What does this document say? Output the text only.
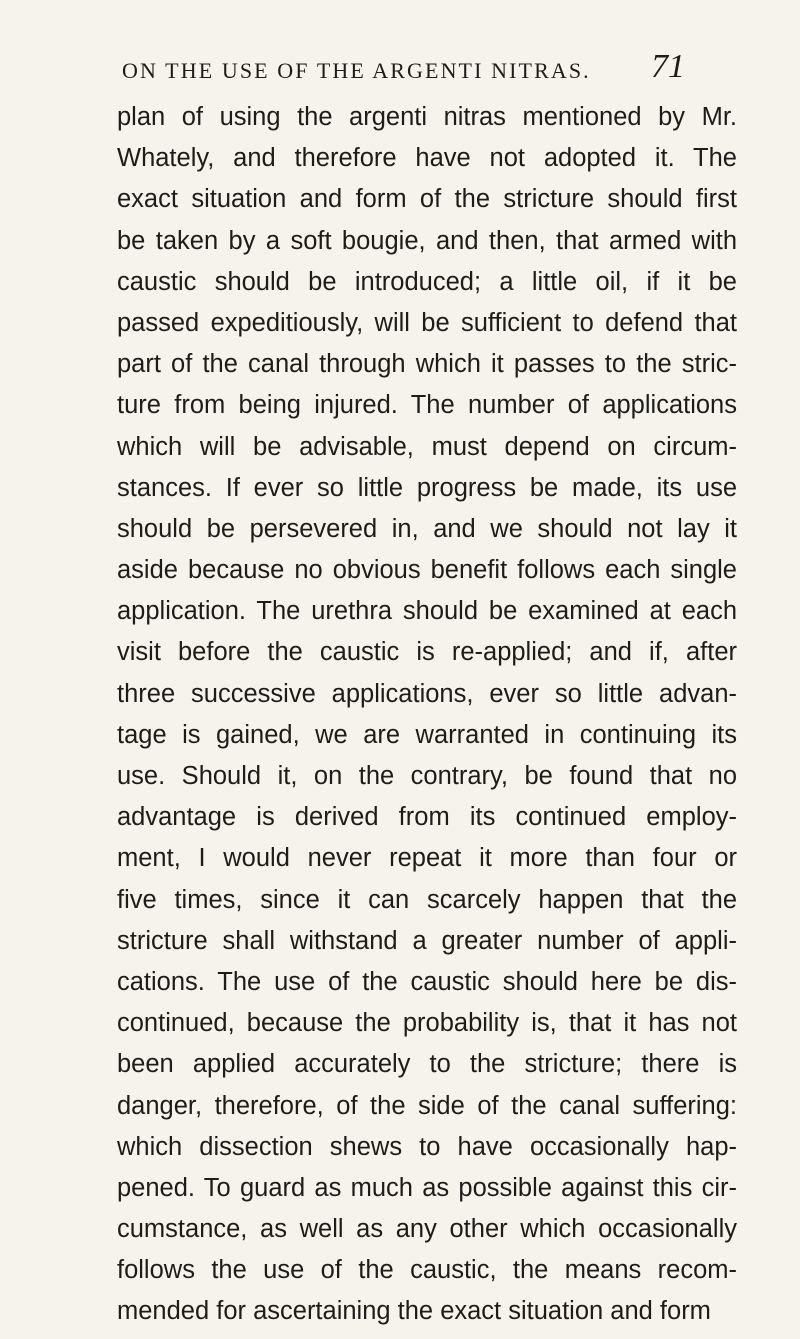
ON THE USE OF THE ARGENTI NITRAS. 71
plan of using the argenti nitras mentioned by Mr.
Whately, and therefore have not adopted it. The
exact situation and form of the stricture should first
be taken by a soft bougie, and then, that armed with
caustic should be introduced; a little oil, if it be
passed expeditiously, will be sufficient to defend that
part of the canal through which it passes to the stric-
ture from being injured. The number of applications
which will be advisable, must depend on circum-
stances. If ever so little progress be made, its use
should be persevered in, and we should not lay it
aside because no obvious benefit follows each single
application. The urethra should be examined at each
visit before the caustic is re-applied; and if, after
three successive applications, ever so little advan-
tage is gained, we are warranted in continuing its
use. Should it, on the contrary, be found that no
advantage is derived from its continued employ-
ment, I would never repeat it more than four or
five times, since it can scarcely happen that the
stricture shall withstand a greater number of appli-
cations. The use of the caustic should here be dis-
continued, because the probability is, that it has not
been applied accurately to the stricture; there is
danger, therefore, of the side of the canal suffering:
which dissection shews to have occasionally hap-
pened. To guard as much as possible against this cir-
cumstance, as well as any other which occasionally
follows the use of the caustic, the means recom-
mended for ascertaining the exact situation and form
